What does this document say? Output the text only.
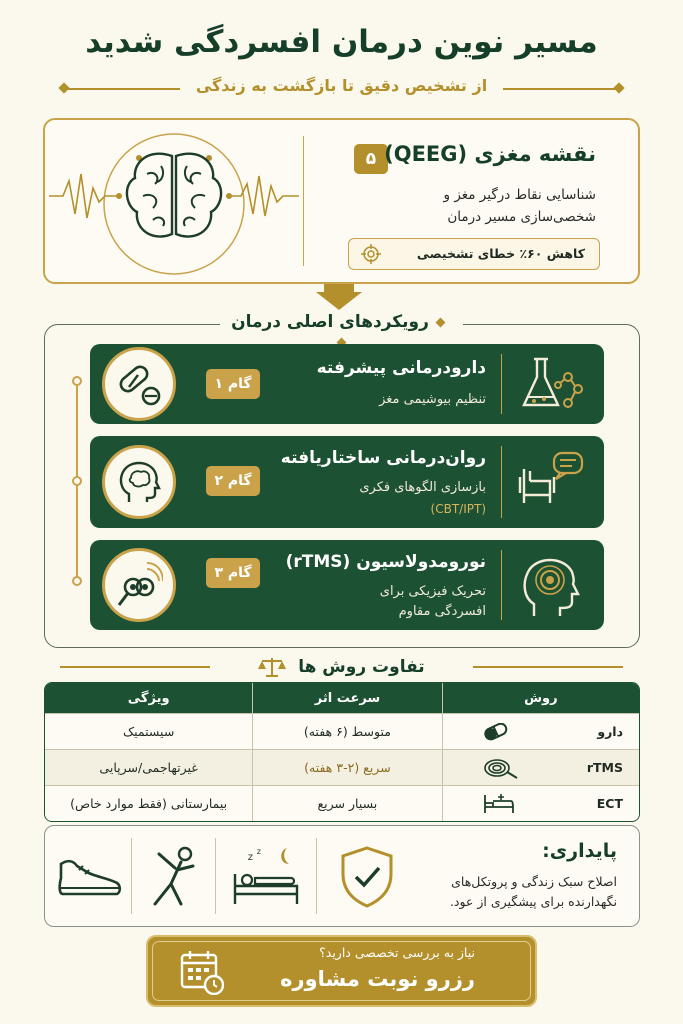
مسیر نوین درمان افسردگی شدید
از تشخیص دقیق تا بازگشت به زندگی
۵ نقشه مغزی (QEEG)
شناسایی نقاط درگیر مغز و
شخصی‌سازی مسیر درمان
کاهش ۶۰٪ خطای تشخیصی
رویکردهای اصلی درمان
گام ۱
دارودرمانی پیشرفته
تنظیم بیوشیمی مغز
گام ۲
روان‌درمانی ساختاریافته
بازسازی الگوهای فکری
(CBT/IPT)
گام ۳
نورومدولاسیون (rTMS)
تحریک فیزیکی برای
افسردگی مقاوم
تفاوت روش ها
روش
سرعت اثر
ویژگی
دارو
متوسط (۶ هفته)
سیستمیک
rTMS
سریع (۲-۳ هفته)
غیرتهاجمی/سرپایی
ECT
بسیار سریع
بیمارستانی (فقط موارد خاص)
پایداری:
اصلاح سبک زندگی و پروتکل‌های
نگهدارنده برای پیشگیری از عود.
z
z
نیاز به بررسی تخصصی دارید؟
رزرو نوبت مشاوره
